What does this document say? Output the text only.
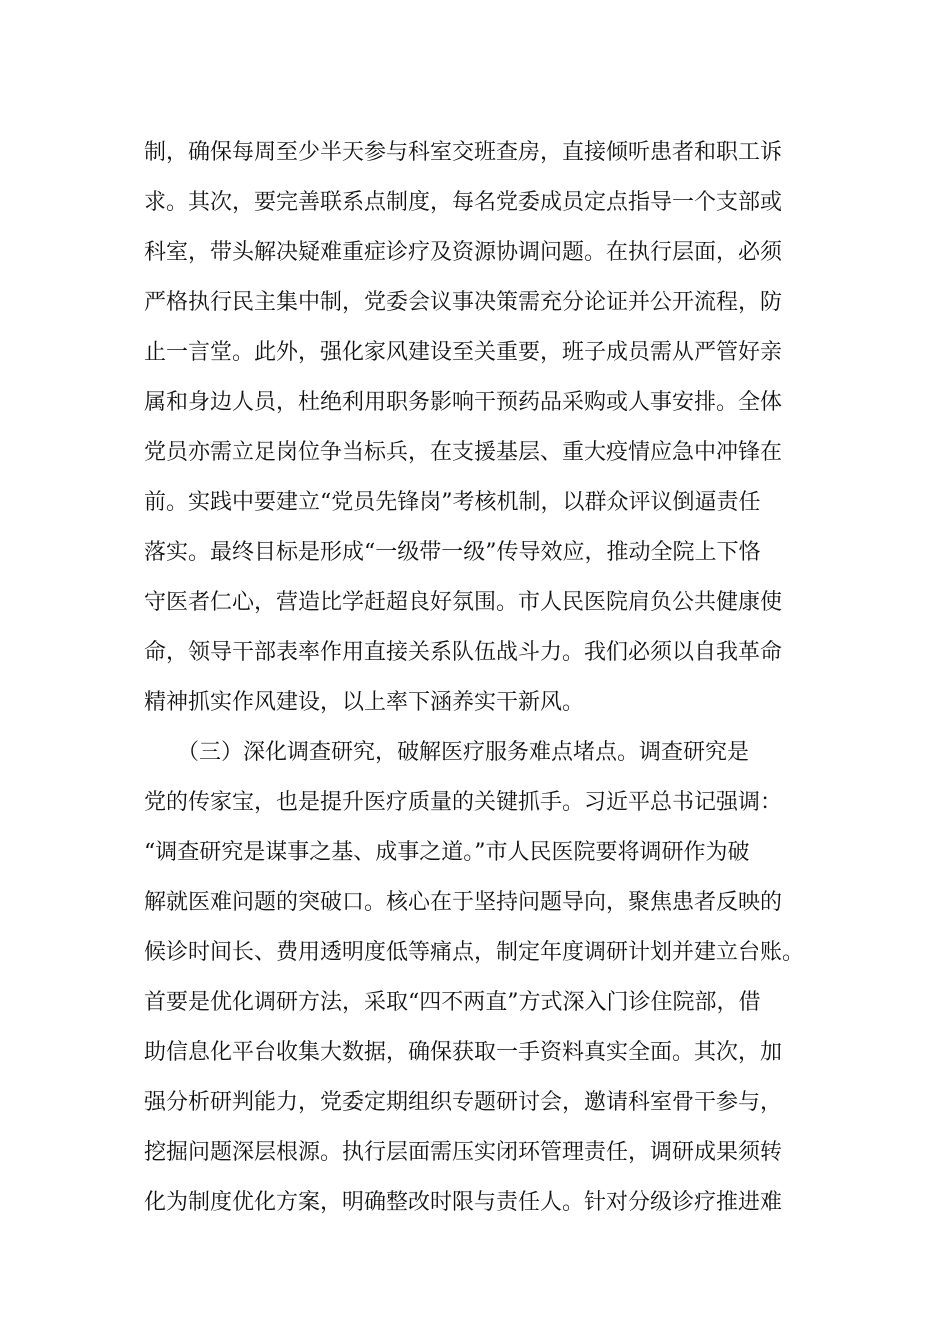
制，确保每周至少半天参与科室交班查房，直接倾听患者和职工诉
求。其次，要完善联系点制度，每名党委成员定点指导一个支部或
科室，带头解决疑难重症诊疗及资源协调问题。在执行层面，必须
严格执行民主集中制，党委会议事决策需充分论证并公开流程，防
止一言堂。此外，强化家风建设至关重要，班子成员需从严管好亲
属和身边人员，杜绝利用职务影响干预药品采购或人事安排。全体
党员亦需立足岗位争当标兵，在支援基层、重大疫情应急中冲锋在
前。实践中要建立“党员先锋岗”考核机制，以群众评议倒逼责任
落实。最终目标是形成“一级带一级”传导效应，推动全院上下恪
守医者仁心，营造比学赶超良好氛围。市人民医院肩负公共健康使
命，领导干部表率作用直接关系队伍战斗力。我们必须以自我革命
精神抓实作风建设，以上率下涵养实干新风。
　　（三）深化调查研究，破解医疗服务难点堵点。调查研究是
党的传家宝，也是提升医疗质量的关键抓手。习近平总书记强调：
“调查研究是谋事之基、成事之道。”市人民医院要将调研作为破
解就医难问题的突破口。核心在于坚持问题导向，聚焦患者反映的
候诊时间长、费用透明度低等痛点，制定年度调研计划并建立台账。
首要是优化调研方法，采取“四不两直”方式深入门诊住院部，借
助信息化平台收集大数据，确保获取一手资料真实全面。其次，加
强分析研判能力，党委定期组织专题研讨会，邀请科室骨干参与，
挖掘问题深层根源。执行层面需压实闭环管理责任，调研成果须转
化为制度优化方案，明确整改时限与责任人。针对分级诊疗推进难
